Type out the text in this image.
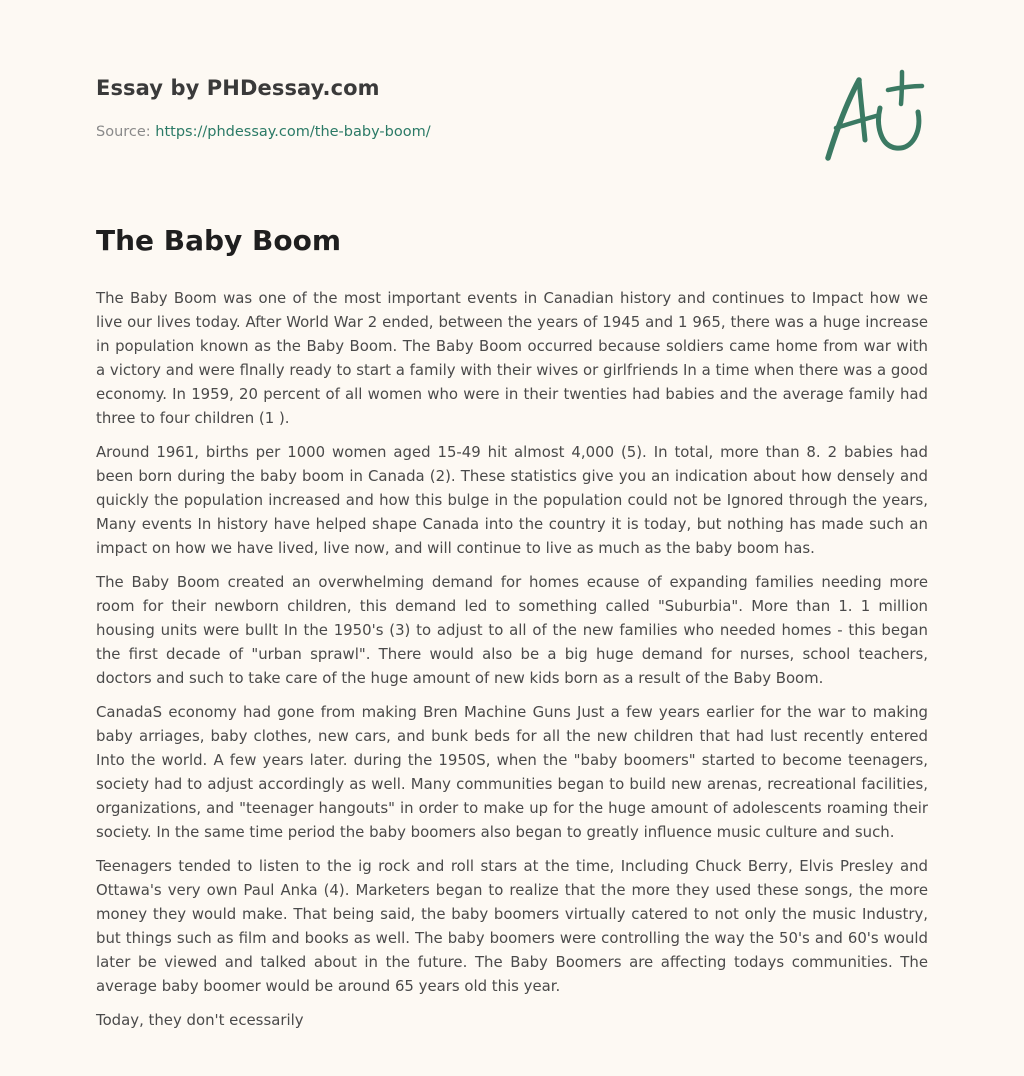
Essay by PHDessay.com

Source: https://phdessay.com/the-baby-boom/

The Baby Boom

The Baby Boom was one of the most important events in Canadian history and continues to Impact how we live our lives today. After World War 2 ended, between the years of 1945 and 1 965, there was a huge increase in population known as the Baby Boom. The Baby Boom occurred because soldiers came home from war with a victory and were flnally ready to start a family with their wives or girlfriends In a time when there was a good economy. In 1959, 20 percent of all women who were in their twenties had babies and the average family had three to four children (1 ).

Around 1961, births per 1000 women aged 15-49 hit almost 4,000 (5). In total, more than 8. 2 babies had been born during the baby boom in Canada (2). These statistics give you an indication about how densely and quickly the population increased and how this bulge in the population could not be Ignored through the years, Many events In history have helped shape Canada into the country it is today, but nothing has made such an impact on how we have lived, live now, and will continue to live as much as the baby boom has.

The Baby Boom created an overwhelming demand for homes ecause of expanding families needing more room for their newborn children, this demand led to something called "Suburbia". More than 1. 1 million housing units were bullt In the 1950's (3) to adjust to all of the new families who needed homes - this began the first decade of "urban sprawl". There would also be a big huge demand for nurses, school teachers, doctors and such to take care of the huge amount of new kids born as a result of the Baby Boom.

CanadaS economy had gone from making Bren Machine Guns Just a few years earlier for the war to making baby arriages, baby clothes, new cars, and bunk beds for all the new children that had lust recently entered Into the world. A few years later. during the 1950S, when the "baby boomers" started to become teenagers, society had to adjust accordingly as well. Many communities began to build new arenas, recreational facilities, organizations, and "teenager hangouts" in order to make up for the huge amount of adolescents roaming their society. In the same time period the baby boomers also began to greatly influence music culture and such.

Teenagers tended to listen to the ig rock and roll stars at the time, Including Chuck Berry, Elvis Presley and Ottawa's very own Paul Anka (4). Marketers began to realize that the more they used these songs, the more money they would make. That being said, the baby boomers virtually catered to not only the music Industry, but things such as film and books as well. The baby boomers were controlling the way the 50's and 60's would later be viewed and talked about in the future. The Baby Boomers are affecting todays communities. The average baby boomer would be around 65 years old this year.

Today, they don't ecessarily
